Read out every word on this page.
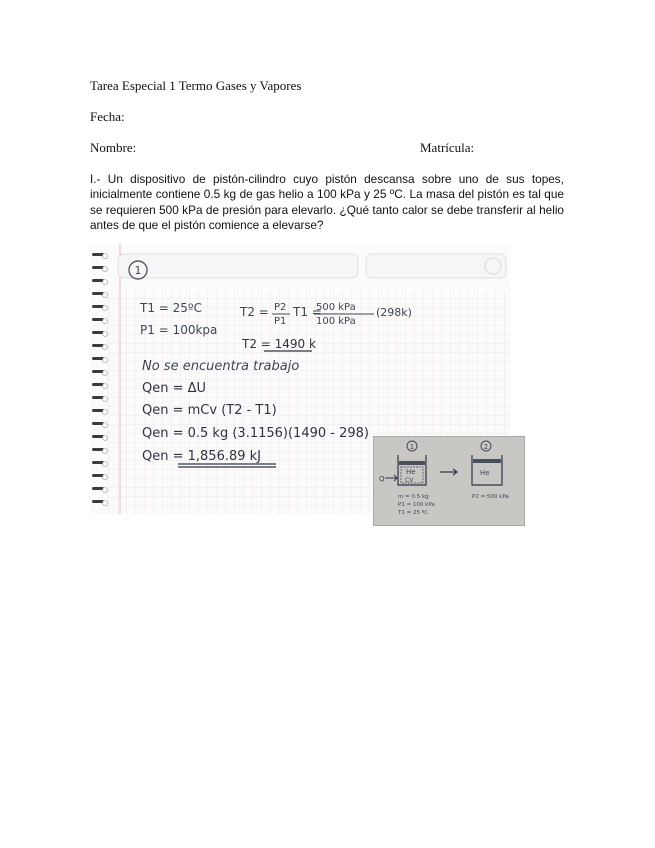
Tarea Especial 1 Termo Gases y Vapores
Fecha:
Nombre:	Matrícula:

I.- Un dispositivo de pistón-cilindro cuyo pistón descansa sobre uno de sus topes, inicialmente contiene 0.5 kg de gas helio a 100 kPa y 25 ºC. La masa del pistón es tal que se requieren 500 kPa de presión para elevarlo. ¿Qué tanto calor se debe transferir al helio antes de que el pistón comience a elevarse?

1
T1 = 25ºC
P1 = 100kpa
T2 = P2
P1
T1 =
500 kPa
100 kPa
(298k)
T2 = 1490 k
No se encuentra trabajo
Qen = ΔU
Qen = mCv (T2 - T1)
Qen = 0.5 kg (3.1156)(1490 - 298)
Qen = 1,856.89 kJ
1
He
CV
Q
2
He
m = 0.5 kg
P1 = 100 kPa
T1 = 25 ºC
P2 = 500 kPa
